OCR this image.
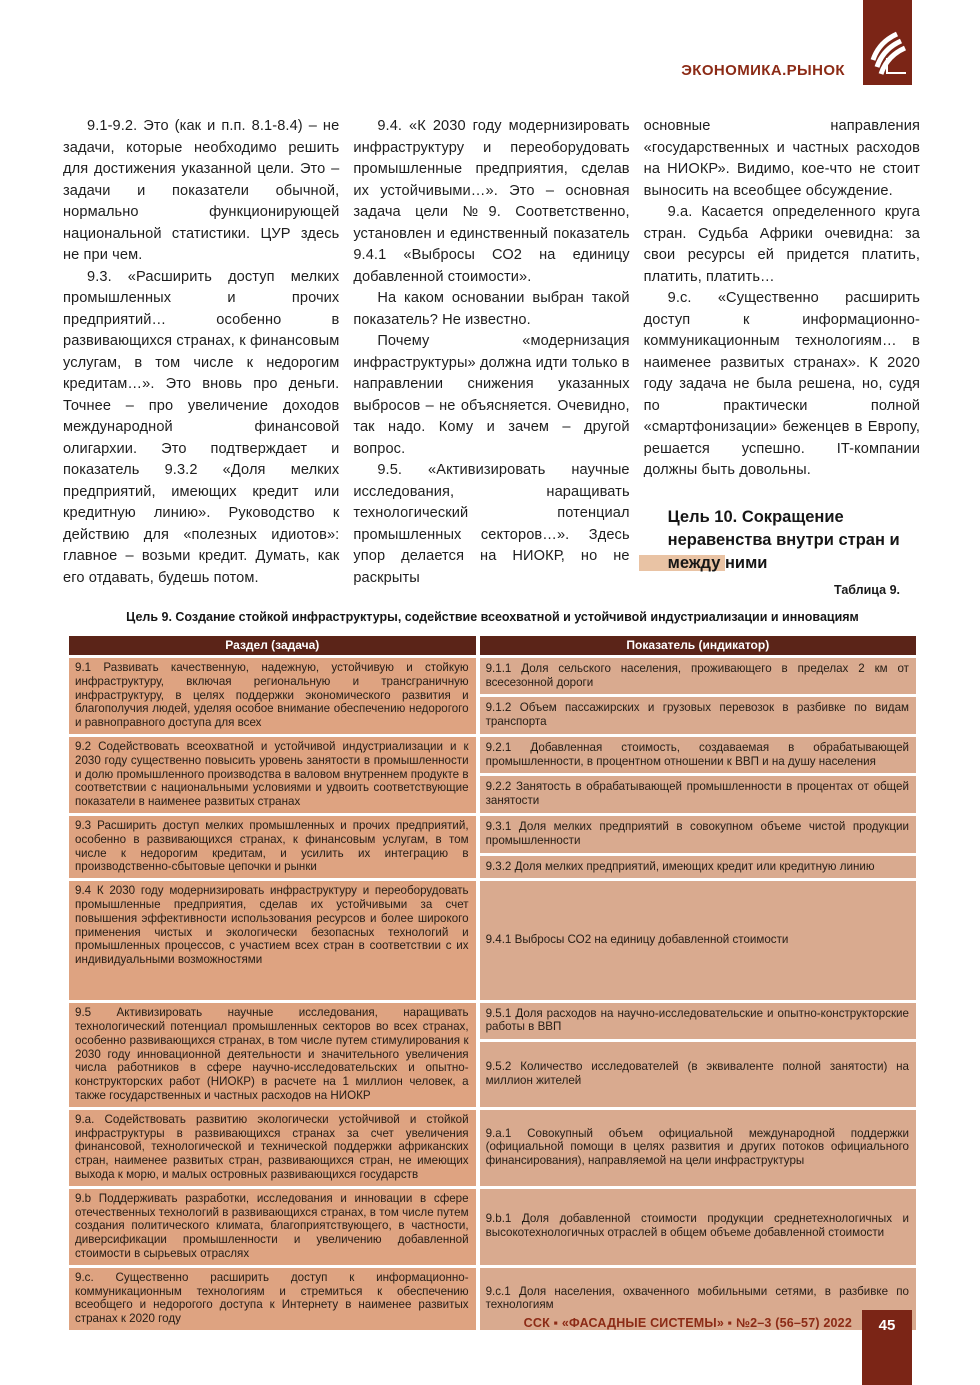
ЭКОНОМИКА.РЫНОК

9.1-9.2. Это (как и п.п. 8.1-8.4) – не задачи, которые необходимо решить для достижения указанной цели. Это – задачи и показатели обычной, нормально функционирующей национальной статистики. ЦУР здесь не при чем.

9.3. «Расширить доступ мелких промышленных и прочих предприятий… особенно в развивающихся странах, к финансовым услугам, в том числе к недорогим кредитам…». Это вновь про деньги. Точнее – про увеличение доходов международной финансовой олигархии. Это подтверждает и показатель 9.3.2 «Доля мелких предприятий, имеющих кредит или кредитную линию». Руководство к действию для «полезных идиотов»: главное – возьми кредит. Думать, как его отдавать, будешь потом.

9.4. «К 2030 году модернизировать инфраструктуру и переоборудовать промышленные предприятия, сделав их устойчивыми…». Это – основная задача цели №9. Соответственно, установлен и единственный показатель 9.4.1 «Выбросы СО2 на единицу добавленной стоимости».

На каком основании выбран такой показатель? Не известно.

Почему «модернизация инфраструктуры» должна идти только в направлении снижения указанных выбросов – не объясняется. Очевидно, так надо. Кому и зачем – другой вопрос.

9.5. «Активизировать научные исследования, наращивать технологический потенциал промышленных секторов…». Здесь упор делается на НИОКР, но не раскрыты

основные направления «государственных и частных расходов на НИОКР». Видимо, кое-что не стоит выносить на всеобщее обсуждение.

9.а. Касается определенного круга стран. Судьба Африки очевидна: за свои ресурсы ей придется платить, платить, платить…

9.с. «Существенно расширить доступ к информационно-коммуникационным технологиям… в наименее развитых странах». К 2020 году задача не была решена, но, судя по практически полной «смартфонизации» беженцев в Европу, решается успешно. IT-компании должны быть довольны.

Цель 10. Сокращение
неравенства внутри стран и
между ними
Таблица 9.
Цель 9. Создание стойкой инфраструктуры, содействие всеохватной и устойчивой индустриализации и инновациям
Раздел (задача)	Показатель (индикатор)
9.1 Развивать качественную, надежную, устойчивую и стойкую инфраструктуру, включая региональную и трансграничную инфраструктуру, в целях поддержки экономического развития и благополучия людей, уделяя особое внимание обеспечению недорогого и равноправного доступа для всех	9.1.1 Доля сельского населения, проживающего в пределах 2 км от всесезонной дороги
	9.1.2 Объем пассажирских и грузовых перевозок в разбивке по видам транспорта
9.2 Содействовать всеохватной и устойчивой индустриализации и к 2030 году существенно повысить уровень занятости в промышленности и долю промышленного производства в валовом внутреннем продукте в соответствии с национальными условиями и удвоить соответствующие показатели в наименее развитых странах	9.2.1 Добавленная стоимость, создаваемая в обрабатывающей промышленности, в процентном отношении к ВВП и на душу населения
	9.2.2 Занятость в обрабатывающей промышленности в процентах от общей занятости
9.3 Расширить доступ мелких промышленных и прочих предприятий, особенно в развивающихся странах, к финансовым услугам, в том числе к недорогим кредитам, и усилить их интеграцию в производственно-сбытовые цепочки и рынки	9.3.1 Доля мелких предприятий в совокупном объеме чистой продукции промышленности
	9.3.2 Доля мелких предприятий, имеющих кредит или кредитную линию
9.4 К 2030 году модернизировать инфраструктуру и переоборудовать промышленные предприятия, сделав их устойчивыми за счет повышения эффективности использования ресурсов и более широкого применения чистых и экологически безопасных технологий и промышленных процессов, с участием всех стран в соответствии с их индивидуальными возможностями	9.4.1 Выбросы СО2 на единицу добавленной стоимости
9.5 Активизировать научные исследования, наращивать технологический потенциал промышленных секторов во всех странах, особенно развивающихся странах, в том числе путем стимулирования к 2030 году инновационной деятельности и значительного увеличения числа работников в сфере научно-исследовательских и опытно-конструкторских работ (НИОКР) в расчете на 1 миллион человек, а также государственных и частных расходов на НИОКР	9.5.1 Доля расходов на научно-исследовательские и опытно-конструкторские работы в ВВП
	9.5.2 Количество исследователей (в эквиваленте полной занятости) на миллион жителей
9.а. Содействовать развитию экологически устойчивой и стойкой инфраструктуры в развивающихся странах за счет увеличения финансовой, технологической и технической поддержки африканских стран, наименее развитых стран, развивающихся стран, не имеющих выхода к морю, и малых островных развивающихся государств	9.а.1 Совокупный объем официальной международной поддержки (официальной помощи в целях развития и других потоков официального финансирования), направляемой на цели инфраструктуры
9.b Поддерживать разработки, исследования и инновации в сфере отечественных технологий в развивающихся странах, в том числе путем создания политического климата, благоприятствующего, в частности, диверсификации промышленности и увеличению добавленной стоимости в сырьевых отраслях	9.b.1 Доля добавленной стоимости продукции среднетехнологичных и высокотехнологичных отраслей в общем объеме добавленной стоимости
9.с. Существенно расширить доступ к информационно-коммуникационным технологиям и стремиться к обеспечению всеобщего и недорогого доступа к Интернету в наименее развитых странах к 2020 году	9.с.1 Доля населения, охваченного мобильными сетями, в разбивке по технологиям
ССК ▪ «ФАСАДНЫЕ СИСТЕМЫ» ▪ №2–3 (56–57) 2022	45
